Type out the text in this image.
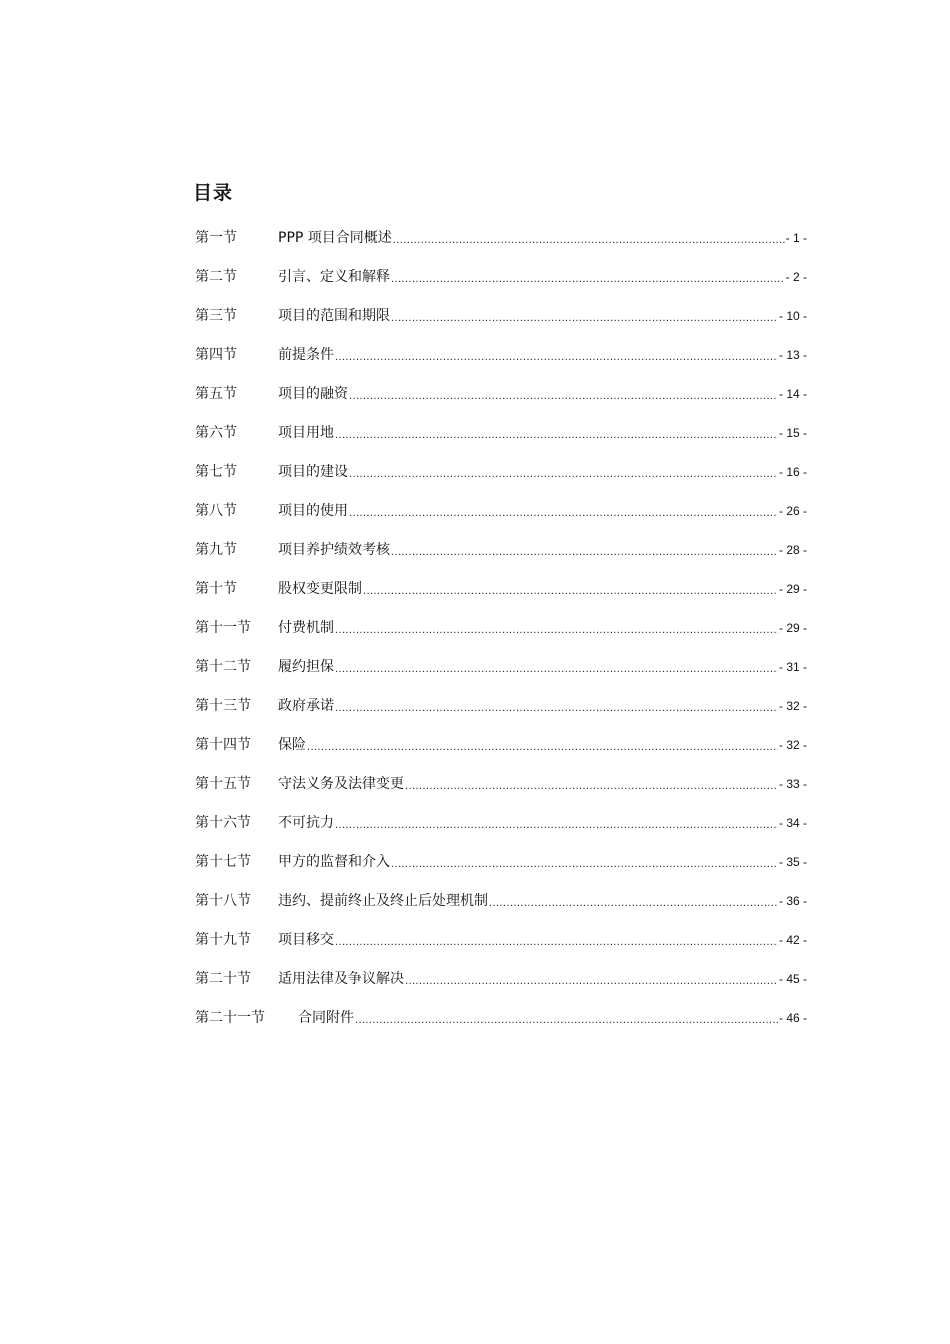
目录
第一节	PPP 项目合同概述 .....	- 1 -
第二节	引言、定义和解释 .....	- 2 -
第三节	项目的范围和期限 .....	- 10 -
第四节	前提条件 .....	- 13 -
第五节	项目的融资 .....	- 14 -
第六节	项目用地 .....	- 15 -
第七节	项目的建设 .....	- 16 -
第八节	项目的使用 .....	- 26 -
第九节	项目养护绩效考核 .....	- 28 -
第十节	股权变更限制 .....	- 29 -
第十一节	付费机制 .....	- 29 -
第十二节	履约担保 .....	- 31 -
第十三节	政府承诺 .....	- 32 -
第十四节	保险 .....	- 32 -
第十五节	守法义务及法律变更 .....	- 33 -
第十六节	不可抗力 .....	- 34 -
第十七节	甲方的监督和介入 .....	- 35 -
第十八节	违约、提前终止及终止后处理机制 .....	- 36 -
第十九节	项目移交 .....	- 42 -
第二十节	适用法律及争议解决 .....	- 45 -
第二十一节	合同附件 .....	- 46 -
